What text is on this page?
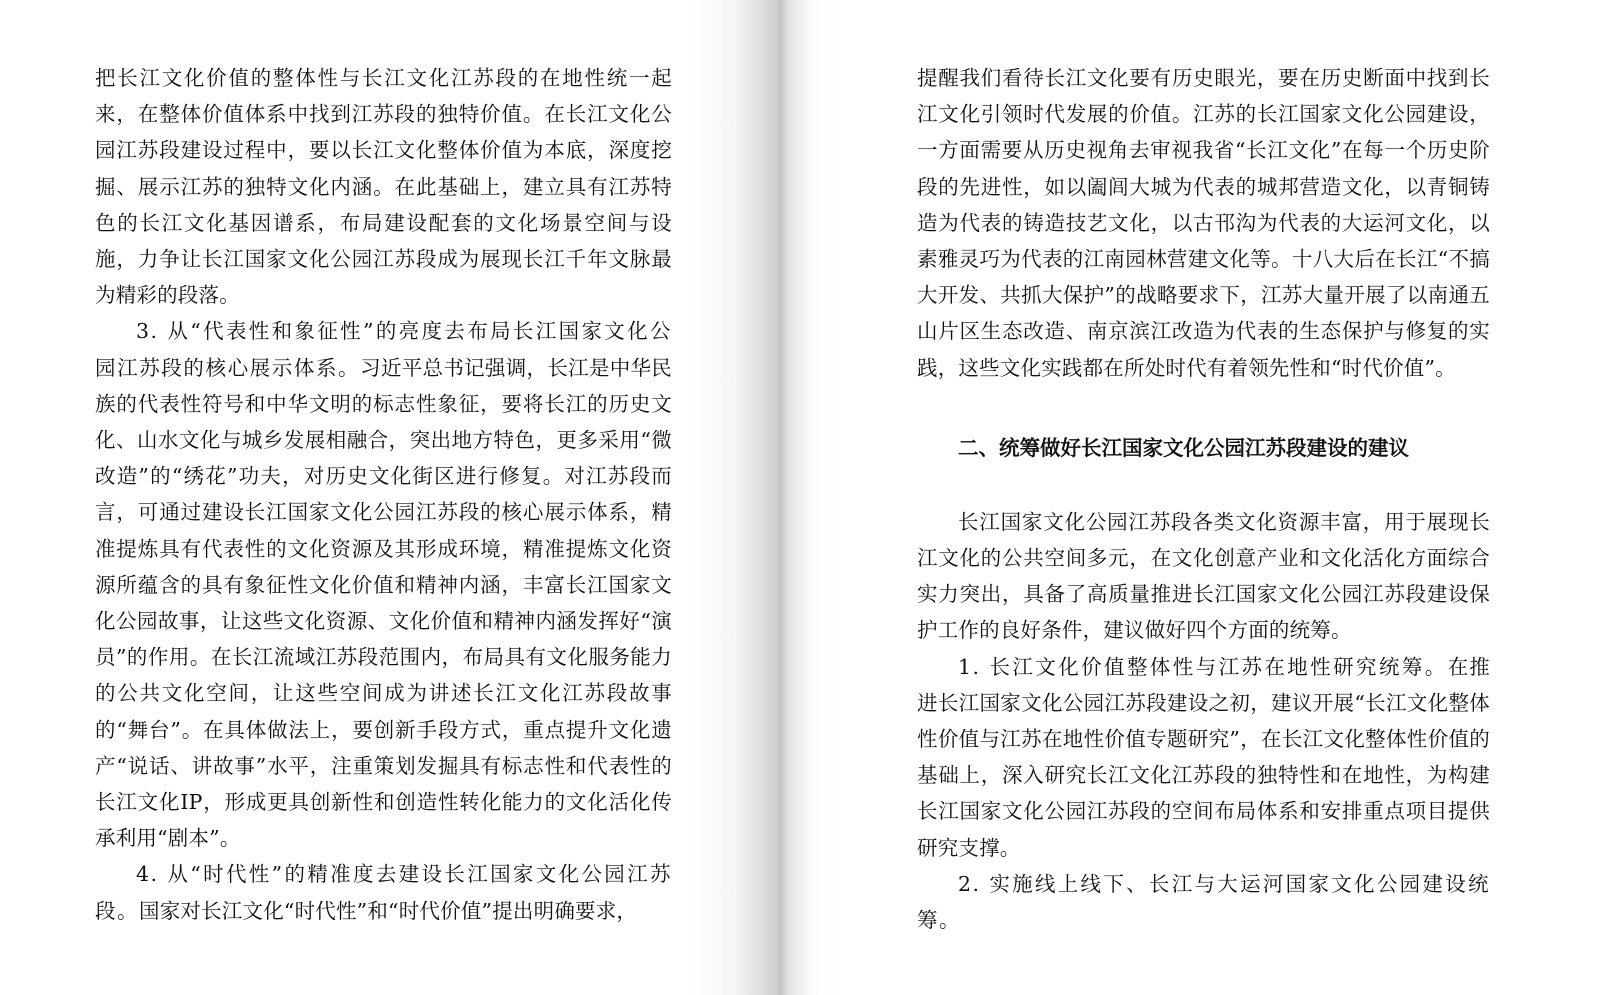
把长江文化价值的整体性与长江文化江苏段的在地性统一起来，在整体价值体系中找到江苏段的独特价值。在长江文化公园江苏段建设过程中，要以长江文化整体价值为本底，深度挖掘、展示江苏的独特文化内涵。在此基础上，建立具有江苏特色的长江文化基因谱系，布局建设配套的文化场景空间与设施，力争让长江国家文化公园江苏段成为展现长江千年文脉最为精彩的段落。

3. 从“代表性和象征性”的亮度去布局长江国家文化公园江苏段的核心展示体系。习近平总书记强调，长江是中华民族的代表性符号和中华文明的标志性象征，要将长江的历史文化、山水文化与城乡发展相融合，突出地方特色，更多采用“微改造”的“绣花”功夫，对历史文化街区进行修复。对江苏段而言，可通过建设长江国家文化公园江苏段的核心展示体系，精准提炼具有代表性的文化资源及其形成环境，精准提炼文化资源所蕴含的具有象征性文化价值和精神内涵，丰富长江国家文化公园故事，让这些文化资源、文化价值和精神内涵发挥好“演员”的作用。在长江流域江苏段范围内，布局具有文化服务能力的公共文化空间，让这些空间成为讲述长江文化江苏段故事的“舞台”。在具体做法上，要创新手段方式，重点提升文化遗产“说话、讲故事”水平，注重策划发掘具有标志性和代表性的长江文化IP，形成更具创新性和创造性转化能力的文化活化传承利用“剧本”。

4. 从“时代性”的精准度去建设长江国家文化公园江苏段。国家对长江文化“时代性”和“时代价值”提出明确要求，

提醒我们看待长江文化要有历史眼光，要在历史断面中找到长江文化引领时代发展的价值。江苏的长江国家文化公园建设，一方面需要从历史视角去审视我省“长江文化”在每一个历史阶段的先进性，如以阖闾大城为代表的城邦营造文化，以青铜铸造为代表的铸造技艺文化，以古邗沟为代表的大运河文化，以素雅灵巧为代表的江南园林营建文化等。十八大后在长江“不搞大开发、共抓大保护”的战略要求下，江苏大量开展了以南通五山片区生态改造、南京滨江改造为代表的生态保护与修复的实践，这些文化实践都在所处时代有着领先性和“时代价值”。

二、统筹做好长江国家文化公园江苏段建设的建议

长江国家文化公园江苏段各类文化资源丰富，用于展现长江文化的公共空间多元，在文化创意产业和文化活化方面综合实力突出，具备了高质量推进长江国家文化公园江苏段建设保护工作的良好条件，建议做好四个方面的统筹。

1. 长江文化价值整体性与江苏在地性研究统筹。在推进长江国家文化公园江苏段建设之初，建议开展“长江文化整体性价值与江苏在地性价值专题研究”，在长江文化整体性价值的基础上，深入研究长江文化江苏段的独特性和在地性，为构建长江国家文化公园江苏段的空间布局体系和安排重点项目提供研究支撑。

2. 实施线上线下、长江与大运河国家文化公园建设统筹。
